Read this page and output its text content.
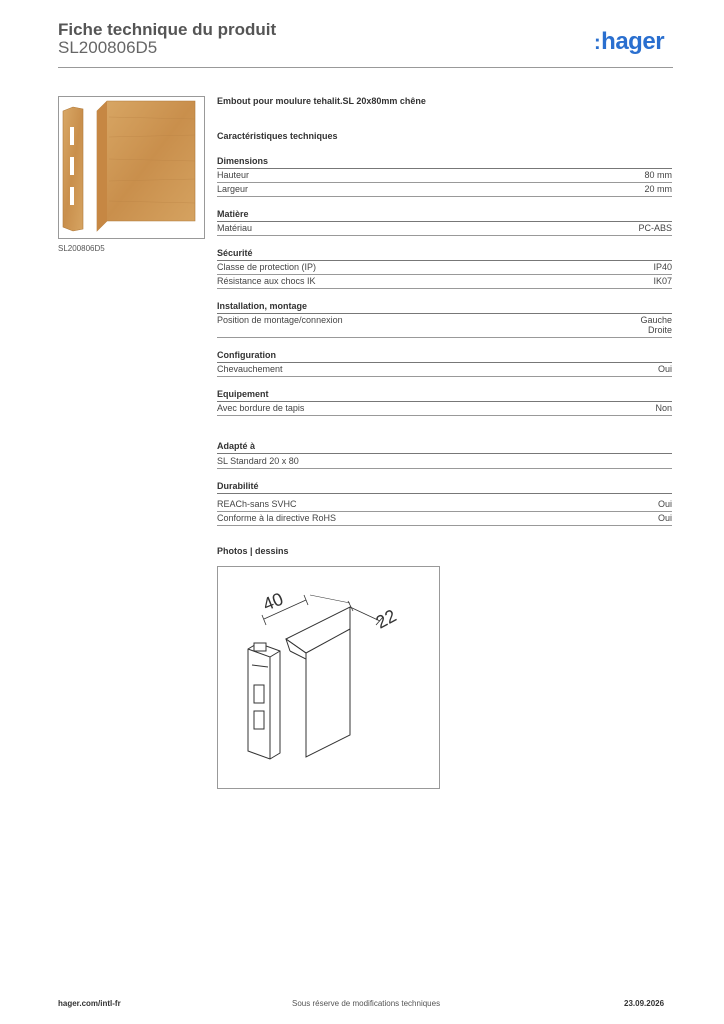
Fiche technique du produit
SL200806D5	:hager
SL200806D5
Embout pour moulure tehalit.SL 20x80mm chêne
Caractéristiques techniques
Dimensions
Hauteur	80 mm
Largeur	20 mm
Matière
Matériau	PC-ABS
Sécurité
Classe de protection (IP)	IP40
Résistance aux chocs IK	IK07
Installation, montage
Position de montage/connexion	Gauche
Droite
Configuration
Chevauchement	Oui
Equipement
Avec bordure de tapis	Non
Adapté à
SL Standard 20 x 80
Durabilité
REACh-sans SVHC	Oui
Conforme à la directive RoHS	Oui
Photos | dessins
40
22
hager.com/intl-fr	Sous réserve de modifications techniques	23.09.2026
